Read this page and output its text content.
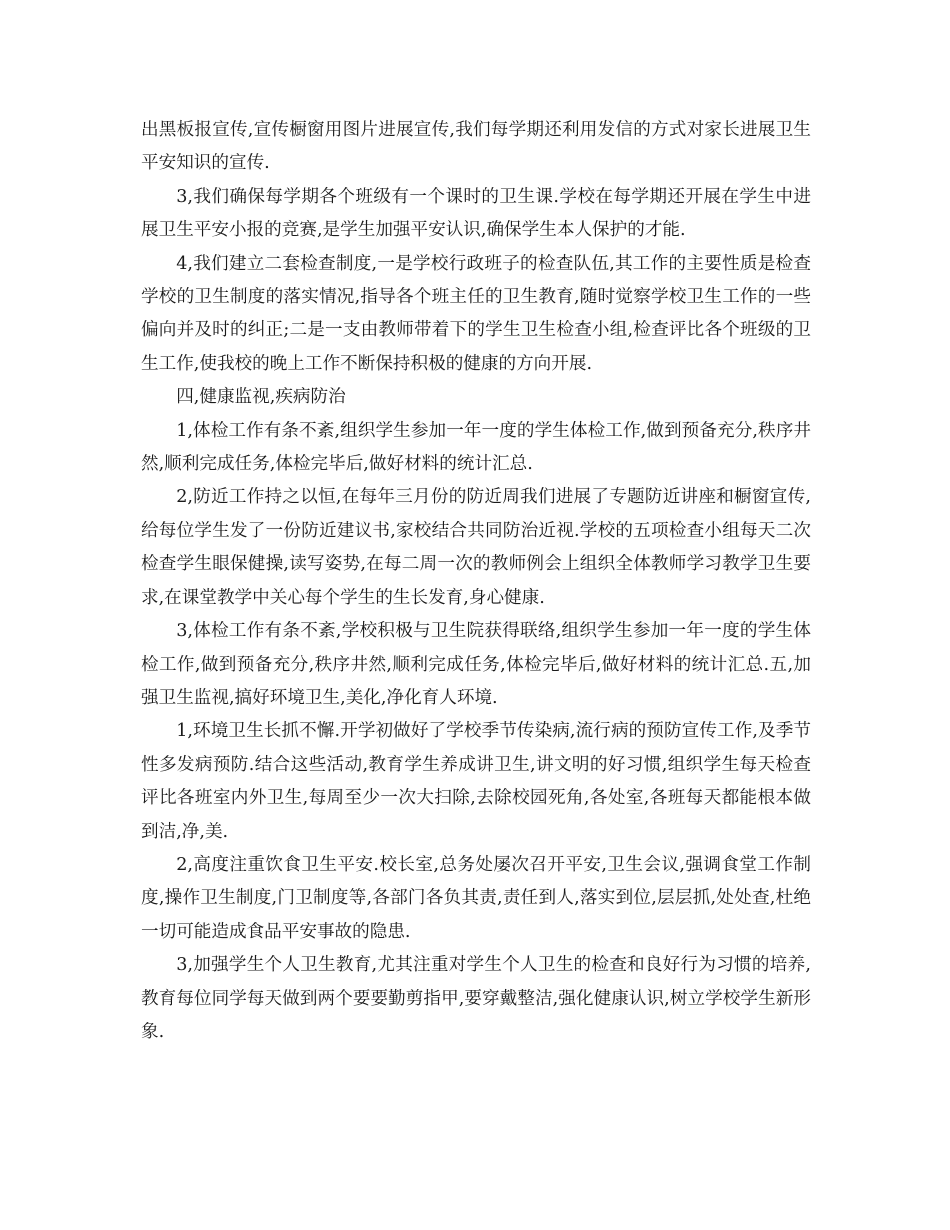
出黑板报宣传,宣传橱窗用图片进展宣传,我们每学期还利用发信的方式对家长进展卫生平安知识的宣传.

3,我们确保每学期各个班级有一个课时的卫生课.学校在每学期还开展在学生中进展卫生平安小报的竞赛,是学生加强平安认识,确保学生本人保护的才能.

4,我们建立二套检查制度,一是学校行政班子的检查队伍,其工作的主要性质是检查学校的卫生制度的落实情况,指导各个班主任的卫生教育,随时觉察学校卫生工作的一些偏向并及时的纠正;二是一支由教师带着下的学生卫生检查小组,检查评比各个班级的卫生工作,使我校的晚上工作不断保持积极的健康的方向开展.

四,健康监视,疾病防治

1,体检工作有条不紊,组织学生参加一年一度的学生体检工作,做到预备充分,秩序井然,顺利完成任务,体检完毕后,做好材料的统计汇总.

2,防近工作持之以恒,在每年三月份的防近周我们进展了专题防近讲座和橱窗宣传,给每位学生发了一份防近建议书,家校结合共同防治近视.学校的五项检查小组每天二次检查学生眼保健操,读写姿势,在每二周一次的教师例会上组织全体教师学习教学卫生要求,在课堂教学中关心每个学生的生长发育,身心健康.

3,体检工作有条不紊,学校积极与卫生院获得联络,组织学生参加一年一度的学生体检工作,做到预备充分,秩序井然,顺利完成任务,体检完毕后,做好材料的统计汇总.五,加强卫生监视,搞好环境卫生,美化,净化育人环境.

1,环境卫生长抓不懈.开学初做好了学校季节传染病,流行病的预防宣传工作,及季节性多发病预防.结合这些活动,教育学生养成讲卫生,讲文明的好习惯,组织学生每天检查评比各班室内外卫生,每周至少一次大扫除,去除校园死角,各处室,各班每天都能根本做到洁,净,美.

2,高度注重饮食卫生平安.校长室,总务处屡次召开平安,卫生会议,强调食堂工作制度,操作卫生制度,门卫制度等,各部门各负其责,责任到人,落实到位,层层抓,处处查,杜绝一切可能造成食品平安事故的隐患.

3,加强学生个人卫生教育,尤其注重对学生个人卫生的检查和良好行为习惯的培养,教育每位同学每天做到两个要要勤剪指甲,要穿戴整洁,强化健康认识,树立学校学生新形象.
